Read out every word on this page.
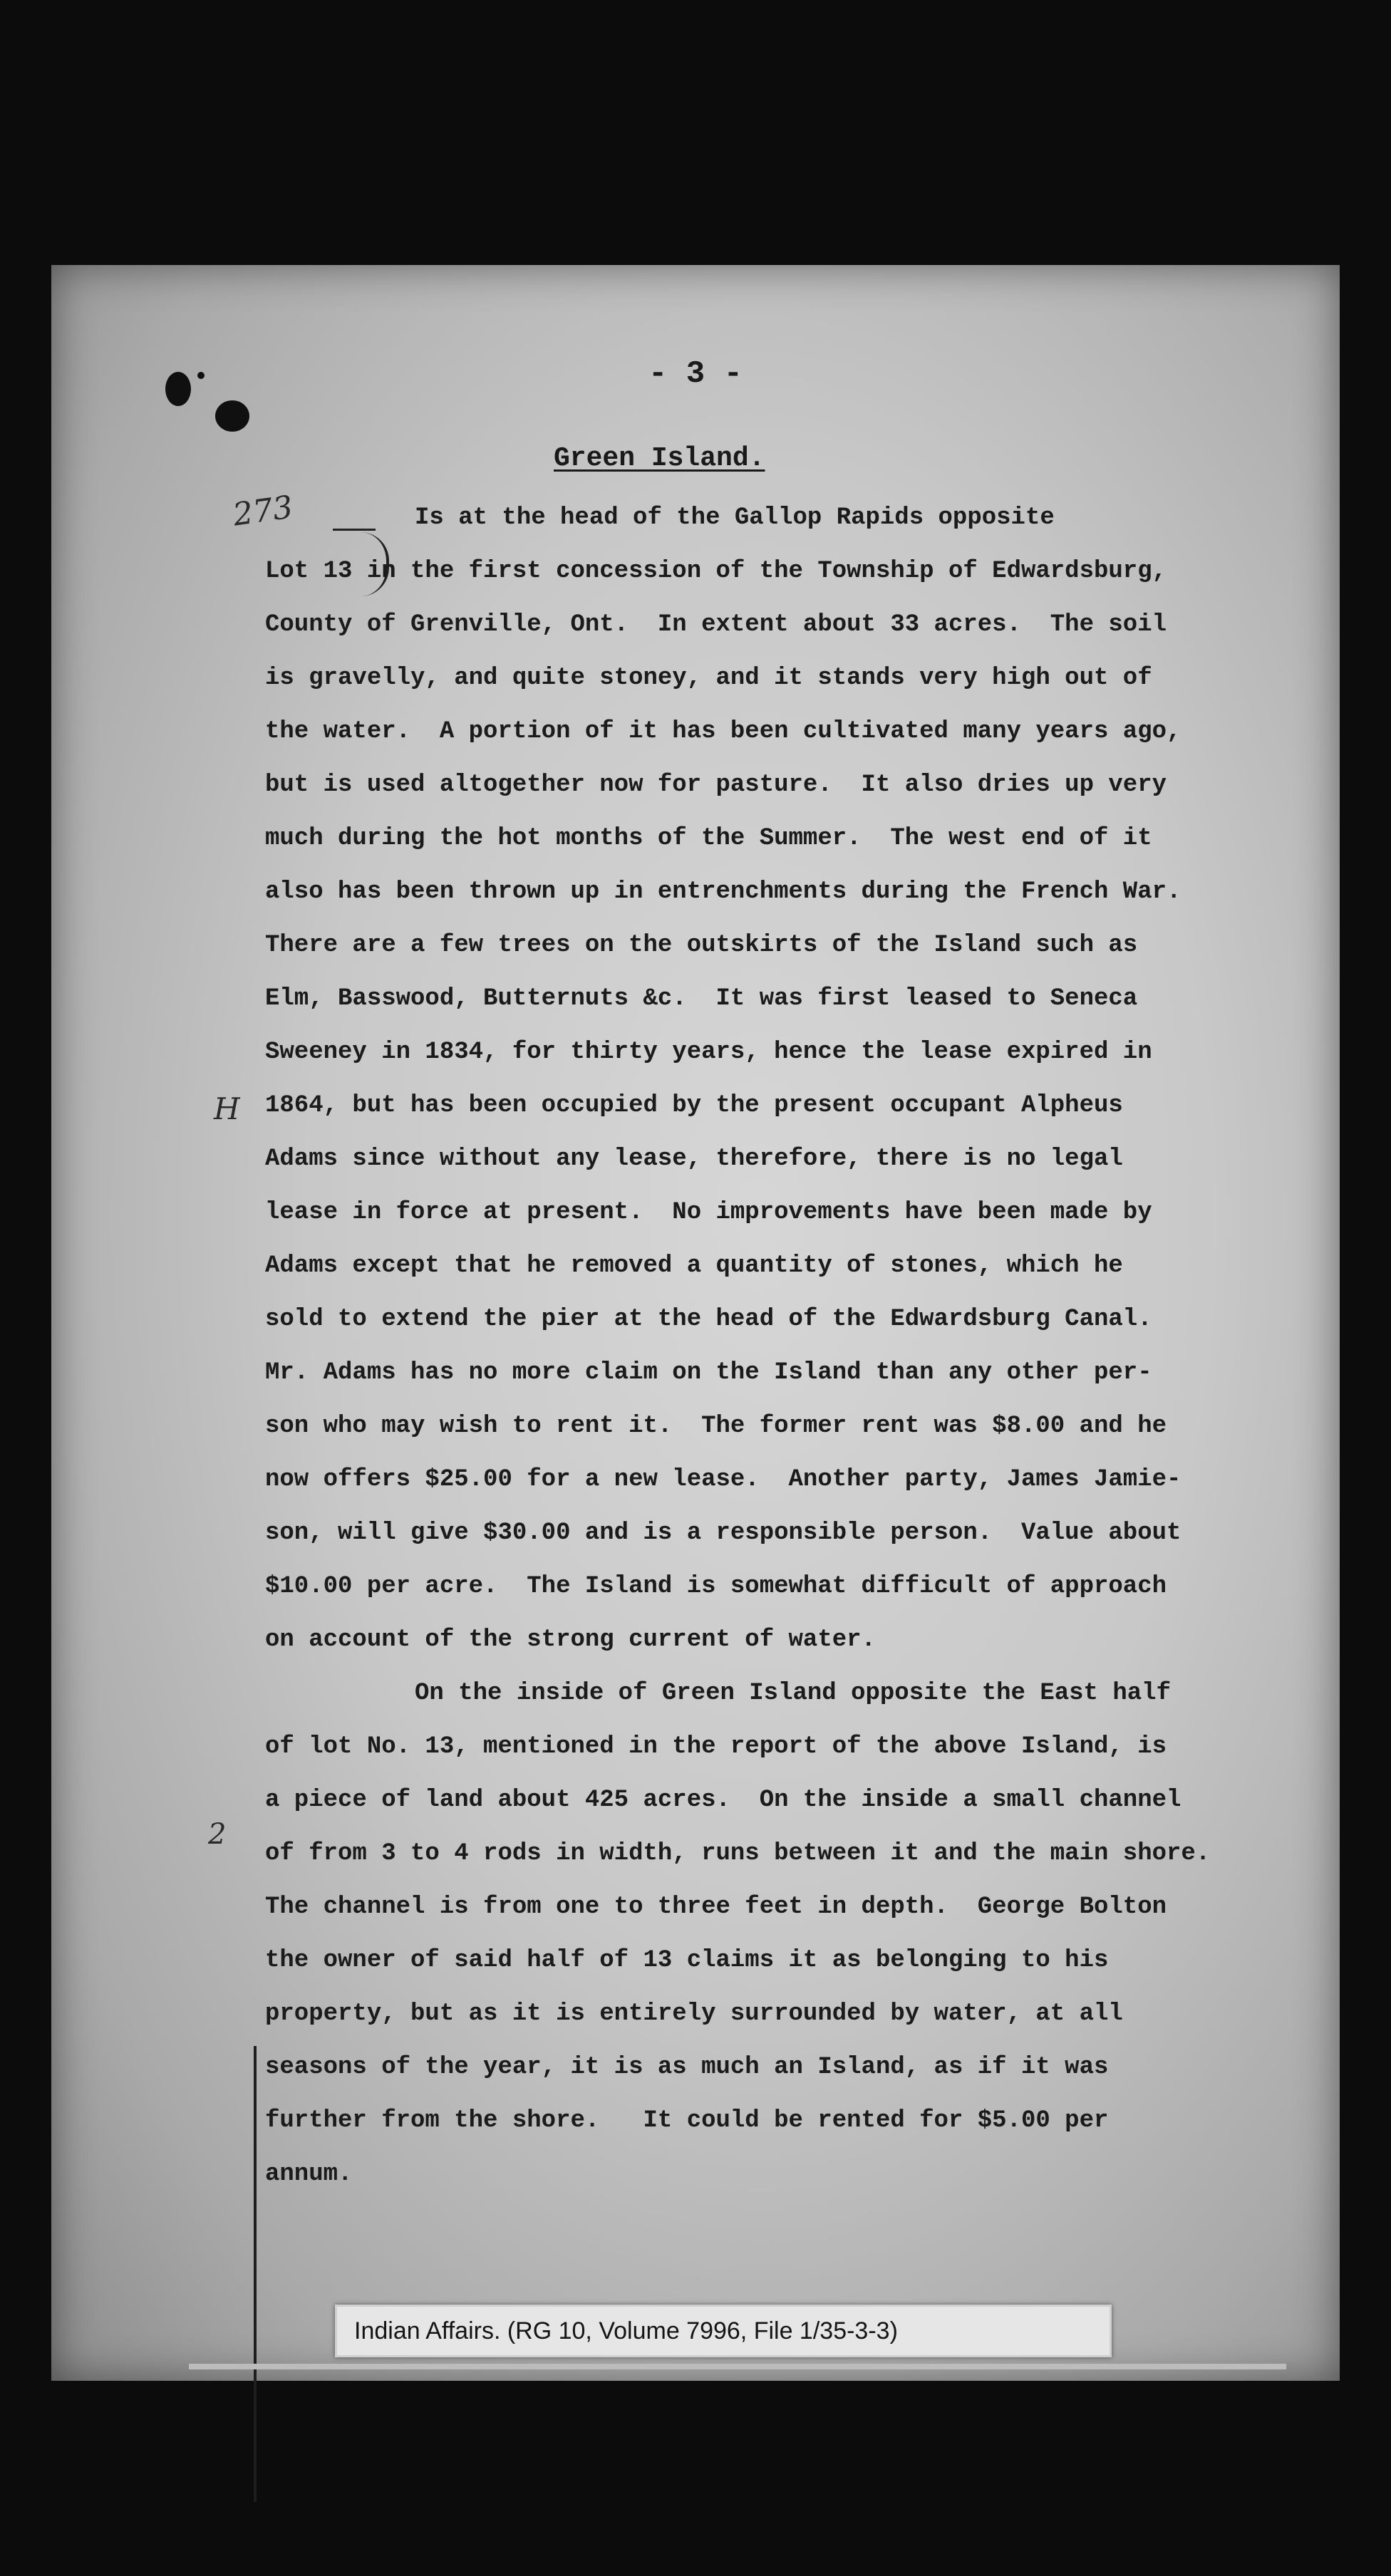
- 3 -
Green Island.
273
H
2
Is at the head of the Gallop Rapids opposite
Lot 13 in the first concession of the Township of Edwardsburg,
County of Grenville, Ont.  In extent about 33 acres.  The soil
is gravelly, and quite stoney, and it stands very high out of
the water.  A portion of it has been cultivated many years ago,
but is used altogether now for pasture.  It also dries up very
much during the hot months of the Summer.  The west end of it
also has been thrown up in entrenchments during the French War.
There are a few trees on the outskirts of the Island such as
Elm, Basswood, Butternuts &c.  It was first leased to Seneca
Sweeney in 1834, for thirty years, hence the lease expired in
1864, but has been occupied by the present occupant Alpheus
Adams since without any lease, therefore, there is no legal
lease in force at present.  No improvements have been made by
Adams except that he removed a quantity of stones, which he
sold to extend the pier at the head of the Edwardsburg Canal.
Mr. Adams has no more claim on the Island than any other per-
son who may wish to rent it.  The former rent was $8.00 and he
now offers $25.00 for a new lease.  Another party, James Jamie-
son, will give $30.00 and is a responsible person.  Value about
$10.00 per acre.  The Island is somewhat difficult of approach
on account of the strong current of water.
On the inside of Green Island opposite the East half
of lot No. 13, mentioned in the report of the above Island, is
a piece of land about 425 acres.  On the inside a small channel
of from 3 to 4 rods in width, runs between it and the main shore.
The channel is from one to three feet in depth.  George Bolton
the owner of said half of 13 claims it as belonging to his
property, but as it is entirely surrounded by water, at all
seasons of the year, it is as much an Island, as if it was
further from the shore.   It could be rented for $5.00 per
annum.
Indian Affairs. (RG 10, Volume 7996, File 1/35-3-3)
